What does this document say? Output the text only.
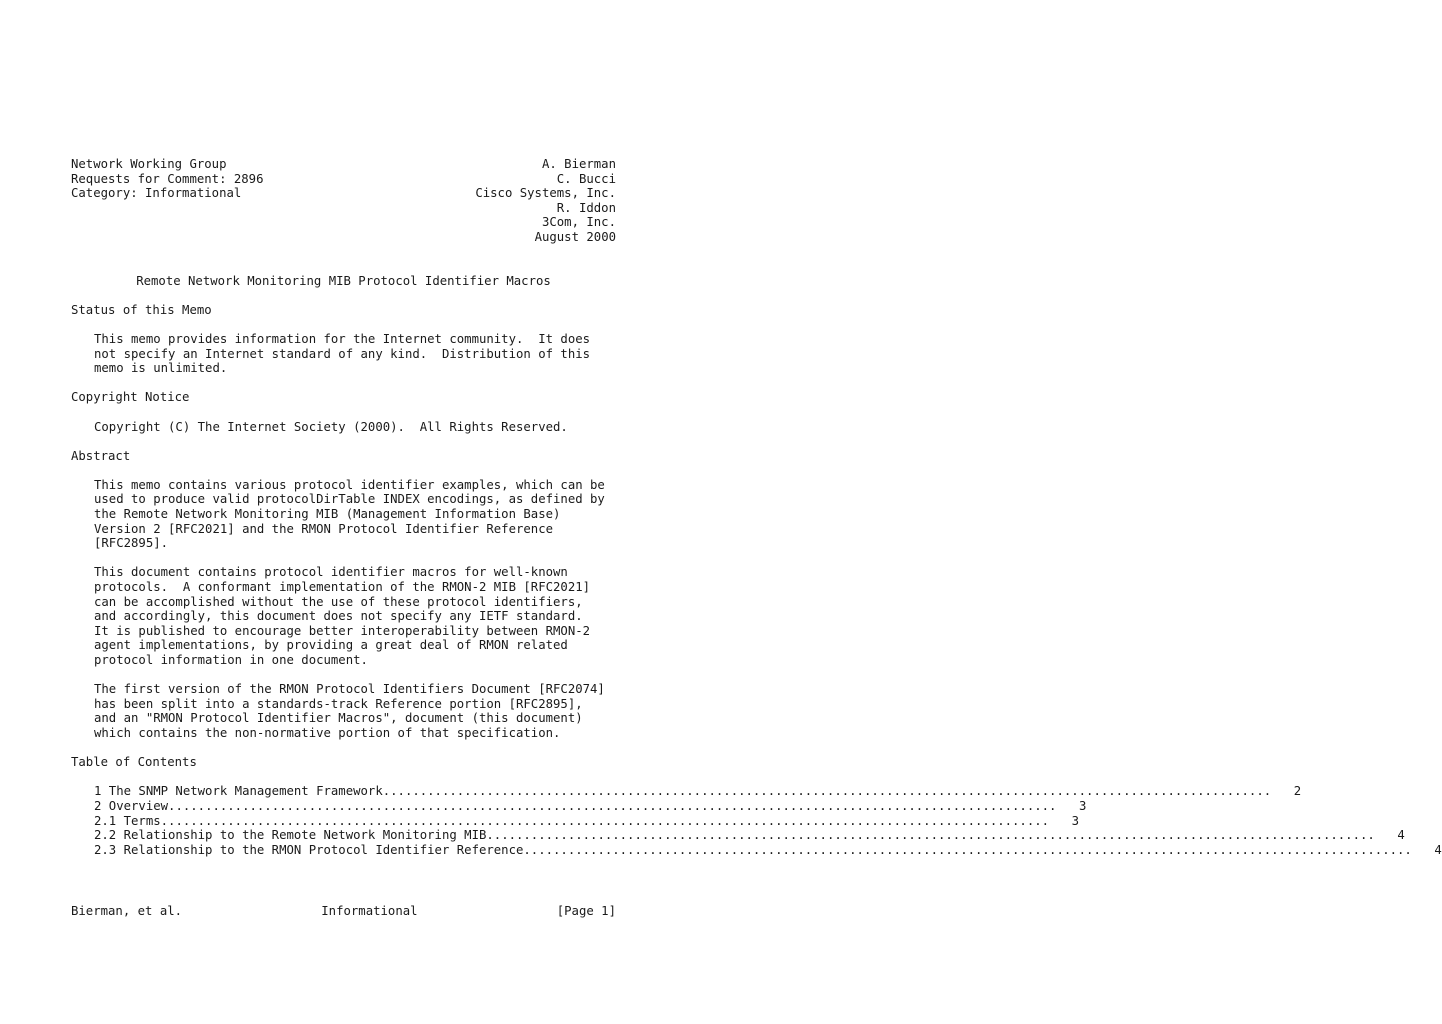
Network Working Group
Requests for Comment: 2896
Category: Informational
A. Bierman
C. Bucci
Cisco Systems, Inc.
R. Iddon
3Com, Inc.
August 2000
Remote Network Monitoring MIB Protocol Identifier Macros
Status of this Memo
This memo provides information for the Internet community.  It does
not specify an Internet standard of any kind.  Distribution of this
memo is unlimited.
Copyright Notice
Copyright (C) The Internet Society (2000).  All Rights Reserved.
Abstract
This memo contains various protocol identifier examples, which can be
used to produce valid protocolDirTable INDEX encodings, as defined by
the Remote Network Monitoring MIB (Management Information Base)
Version 2 [RFC2021] and the RMON Protocol Identifier Reference
[RFC2895].
This document contains protocol identifier macros for well-known
protocols.  A conformant implementation of the RMON-2 MIB [RFC2021]
can be accomplished without the use of these protocol identifiers,
and accordingly, this document does not specify any IETF standard.
It is published to encourage better interoperability between RMON-2
agent implementations, by providing a great deal of RMON related
protocol information in one document.
The first version of the RMON Protocol Identifiers Document [RFC2074]
has been split into a standards-track Reference portion [RFC2895],
and an "RMON Protocol Identifier Macros", document (this document)
which contains the non-normative portion of that specification.
Table of Contents
1 The SNMP Network Management Framework ........................................................................................................................	2
2 Overview ........................................................................................................................	3
2.1 Terms ........................................................................................................................	3
2.2 Relationship to the Remote Network Monitoring MIB ........................................................................................................................	4
2.3 Relationship to the RMON Protocol Identifier Reference ........................................................................................................................	4
Bierman, et al.	Informational	[Page 1]
